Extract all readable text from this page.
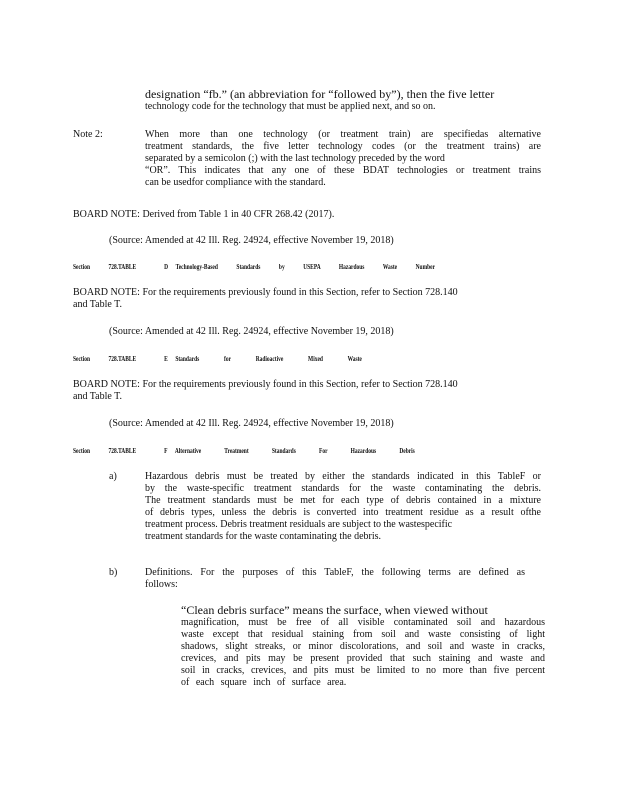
designation “fb.” (an abbreviation for “followed by”), then the five letter

technology code for the technology that must be applied next, and so on.

Note 2:	When more than one technology (or treatment train) are specifiedas alternative

treatment standards, the five letter technology codes (or the treatment trains) are

separated by a semicolon (;) with the last technology preceded by the word

“OR”. This indicates that any one of these BDAT technologies or treatment trains

can be usedfor compliance with the standard.

BOARD NOTE: Derived from Table 1 in 40 CFR 268.42 (2017).
(Source: Amended at 42 Ill. Reg. 24924, effective November 19, 2018)
Section	728.TABLE	D Technology-Based Standards by USEPA Hazardous Waste Number

BOARD NOTE: For the requirements previously found in this Section, refer to Section 728.140

and Table T.

(Source: Amended at 42 Ill. Reg. 24924, effective November 19, 2018)
Section	728.TABLE	E Standards for Radioactive Mixed Waste

BOARD NOTE: For the requirements previously found in this Section, refer to Section 728.140

and Table T.

(Source: Amended at 42 Ill. Reg. 24924, effective November 19, 2018)
Section	728.TABLE	F Alternative Treatment Standards For Hazardous Debris
a)	Hazardous debris must be treated by either the standards indicated in this TableF or

by the waste-specific treatment standards for the waste contaminating the debris.

The treatment standards must be met for each type of debris contained in a mixture

of debris types, unless the debris is converted into treatment residue as a result ofthe

treatment process. Debris treatment residuals are subject to the wastespecific

treatment standards for the waste contaminating the debris.

b)	Definitions. For the purposes of this TableF, the following terms are defined as

follows:

“Clean debris surface” means the surface, when viewed without

magnification, must be free of all visible contaminated soil and hazardous

waste except that residual staining from soil and waste consisting of light

shadows, slight streaks, or minor discolorations, and soil and waste in cracks,

crevices, and pits may be present provided that such staining and waste and

soil in cracks, crevices, and pits must be limited to no more than five percent

of each square inch of surface area.
